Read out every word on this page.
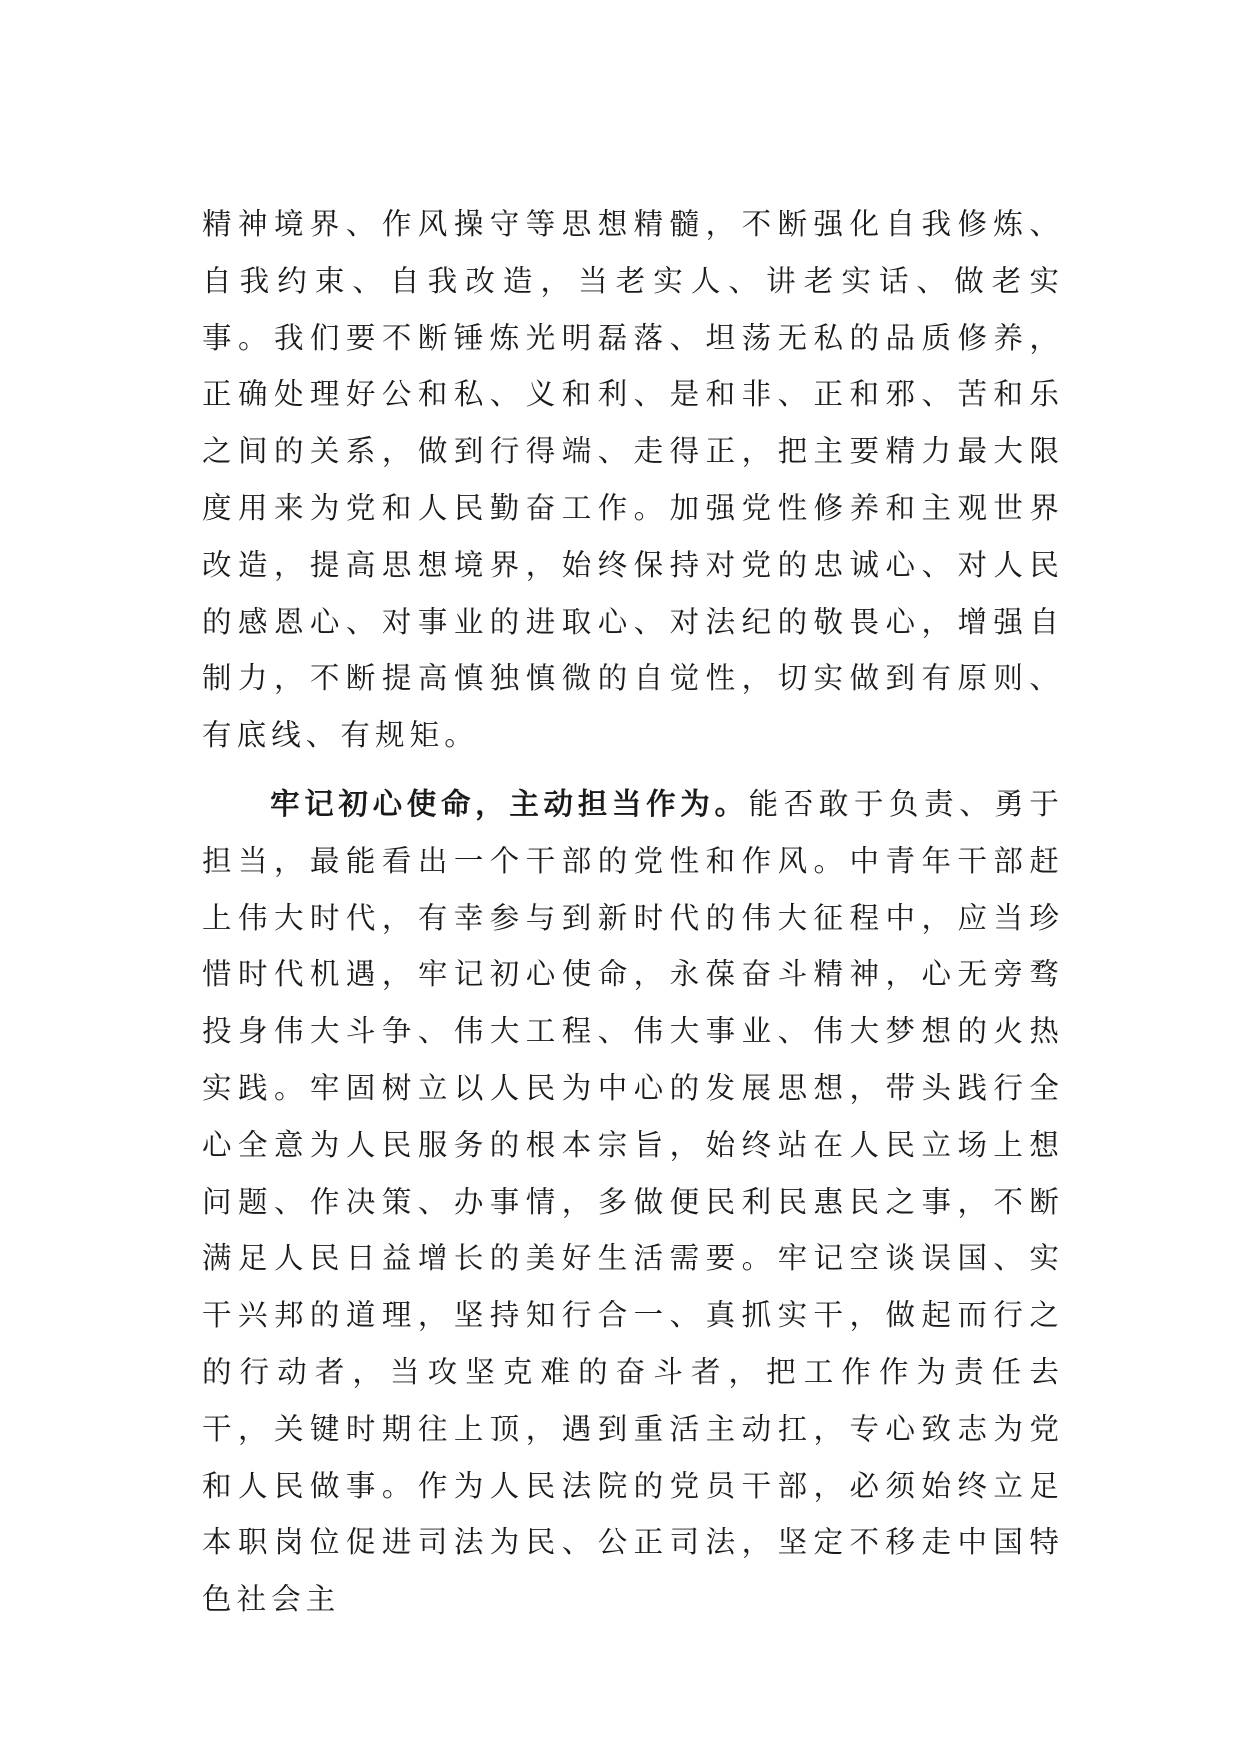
精神境界、作风操守等思想精髓，不断强化自我修炼、自我约束、自我改造，当老实人、讲老实话、做老实事。我们要不断锤炼光明磊落、坦荡无私的品质修养，正确处理好公和私、义和利、是和非、正和邪、苦和乐之间的关系，做到行得端、走得正，把主要精力最大限度用来为党和人民勤奋工作。加强党性修养和主观世界改造，提高思想境界，始终保持对党的忠诚心、对人民的感恩心、对事业的进取心、对法纪的敬畏心，增强自制力，不断提高慎独慎微的自觉性，切实做到有原则、有底线、有规矩。

牢记初心使命，主动担当作为。能否敢于负责、勇于担当，最能看出一个干部的党性和作风。中青年干部赶上伟大时代，有幸参与到新时代的伟大征程中，应当珍惜时代机遇，牢记初心使命，永葆奋斗精神，心无旁骛投身伟大斗争、伟大工程、伟大事业、伟大梦想的火热实践。牢固树立以人民为中心的发展思想，带头践行全心全意为人民服务的根本宗旨，始终站在人民立场上想问题、作决策、办事情，多做便民利民惠民之事，不断满足人民日益增长的美好生活需要。牢记空谈误国、实干兴邦的道理，坚持知行合一、真抓实干，做起而行之的行动者，当攻坚克难的奋斗者，把工作作为责任去干，关键时期往上顶，遇到重活主动扛，专心致志为党和人民做事。作为人民法院的党员干部，必须始终立足本职岗位促进司法为民、公正司法，坚定不移走中国特色社会主
